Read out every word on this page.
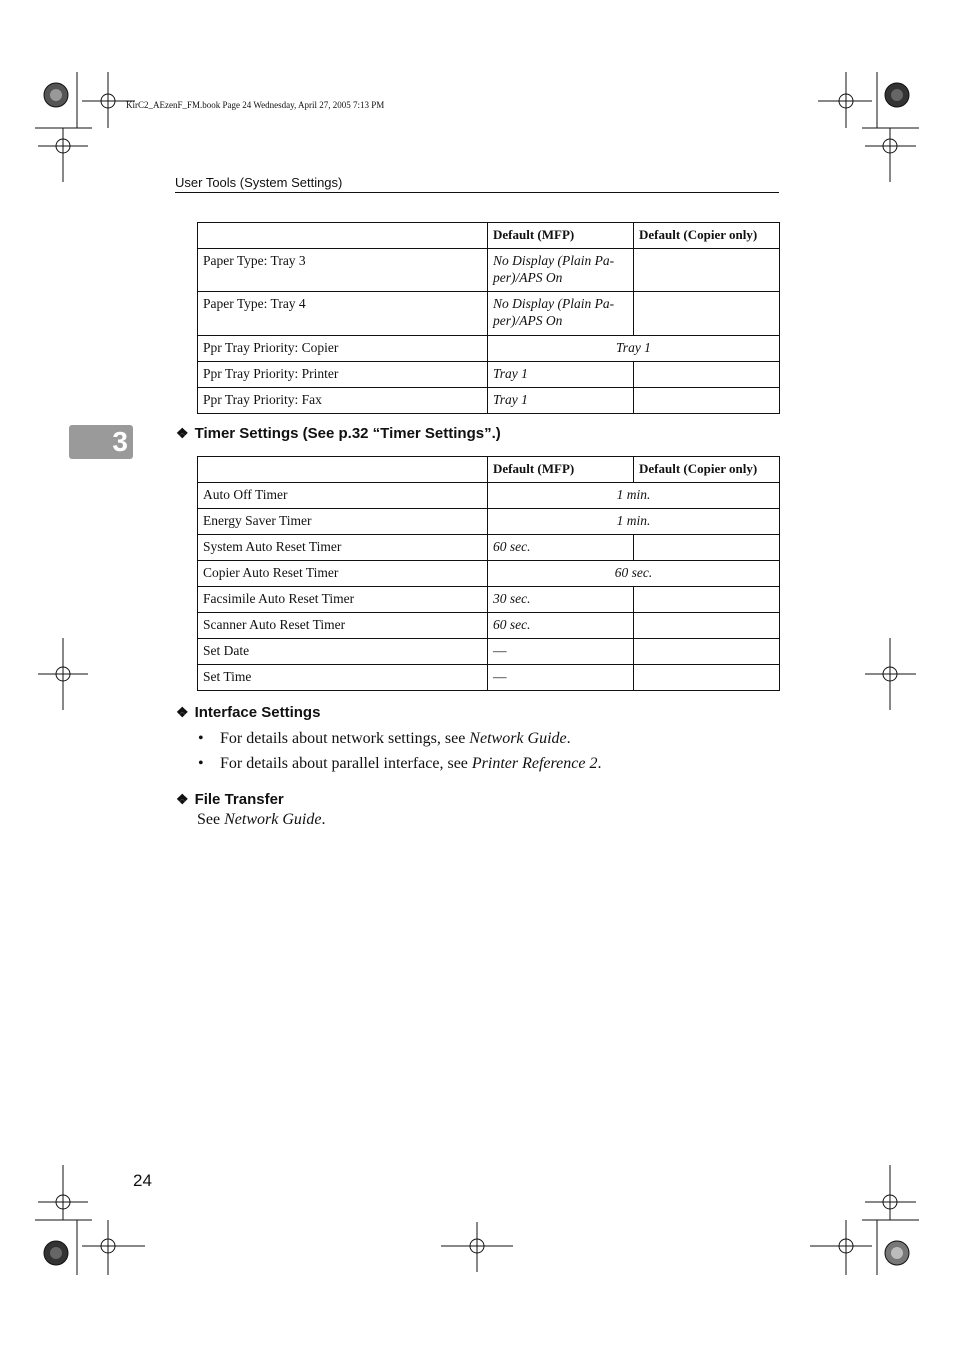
KirC2_AEzenF_FM.book Page 24 Wednesday, April 27, 2005 7:13 PM
User Tools (System Settings)
3
	Default (MFP)	Default (Copier only)
Paper Type: Tray 3	No Display (Plain Pa-per)/APS On	
Paper Type: Tray 4	No Display (Plain Pa-per)/APS On	
Ppr Tray Priority: Copier	Tray 1	
Ppr Tray Priority: Printer	Tray 1	
Ppr Tray Priority: Fax	Tray 1	
❖ Timer Settings (See p.32 “Timer Settings”.)
	Default (MFP)	Default (Copier only)
Auto Off Timer	1 min.	
Energy Saver Timer	1 min.	
System Auto Reset Timer	60 sec.	
Copier Auto Reset Timer	60 sec.	
Facsimile Auto Reset Timer	30 sec.	
Scanner Auto Reset Timer	60 sec.	
Set Date	—	
Set Time	—	
❖ Interface Settings
• For details about network settings, see Network Guide.
• For details about parallel interface, see Printer Reference 2.
❖ File Transfer
See Network Guide.
24
